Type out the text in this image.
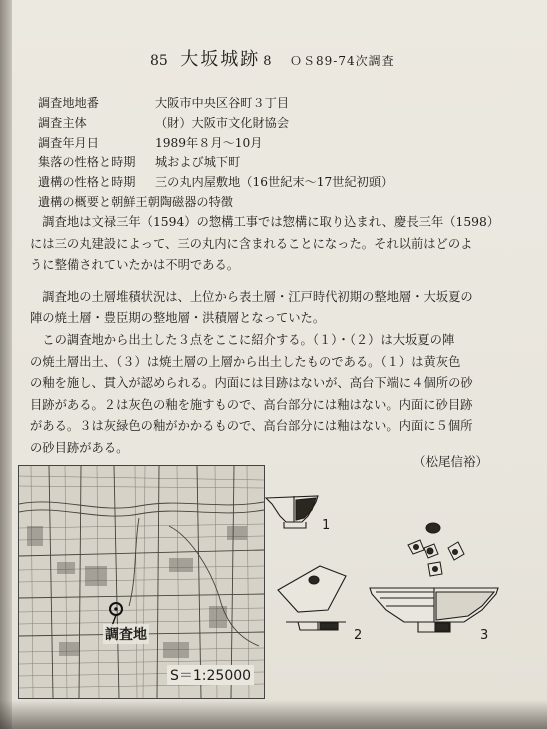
85 大坂城跡 8 ＯＳ89-74次調査
調査地地番	大阪市中央区谷町３丁目
調査主体	（財）大阪市文化財協会
調査年月日	1989年８月～10月
集落の性格と時期 城および城下町
遺構の性格と時期 三の丸内屋敷地（16世紀末～17世紀初頭）
遺構の概要と朝鮮王朝陶磁器の特徴

調査地は文禄三年（1594）の惣構工事では惣構に取り込まれ、慶長三年（1598）
には三の丸建設によって、三の丸内に含まれることになった。それ以前はどのよ
うに整備されていたかは不明である。

調査地の土層堆積状況は、上位から表土層・江戸時代初期の整地層・大坂夏の
陣の焼土層・豊臣期の整地層・洪積層となっていた。

この調査地から出土した３点をここに紹介する。（１）・（２）は大坂夏の陣
の焼土層出土、（３）は焼土層の上層から出土したものである。（１）は黄灰色
の釉を施し、貫入が認められる。内面には目跡はないが、高台下端に４個所の砂
目跡がある。２は灰色の釉を施すもので、高台部分には釉はない。内面に砂目跡
がある。３は灰緑色の釉がかかるもので、高台部分には釉はない。内面に５個所
の砂目跡がある。

（松尾信裕）
調査地
S＝1:25000
1
2	3
